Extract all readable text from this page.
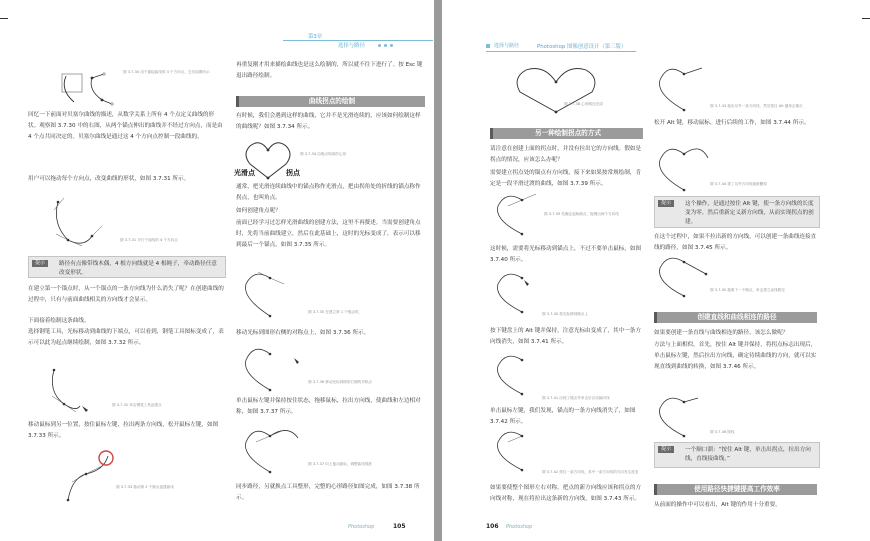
第3章
选择与路径

图 3.7.30 用于描绘曲线的 4 个方向点，它们如图所示

回忆一下前面对贝塞尔曲线的描述，从数学关系上所有 4 个点定义曲线的形状。观察图 3.7.30 中的右图，从两个锚点伸出的曲线并不经过方向点，而是由 4 个点共同决定的。贝塞尔曲线是通过这 4 个方向点控制一段曲线的。

用户可以拖动每个方向点，改变曲线的形状，如图 3.7.31 所示。

图 3.7.31 平行于曲线的 4 个方向点

提示	路径有点像带线木偶，4 根方向线就是 4 根绳子，牵动路径任意改变形状。

在建立第一个锚点时，从一个锚点的一条方向线为什么消失了呢？在创建曲线的过程中，只有与前面曲线相关的方向线才会显示。

下面接着绘制这条曲线。

选择钢笔工具，光标移动到曲线的下端点，可以看到，钢笔工具图标变成了，表示可以此为起点继续绘制，如图 3.7.32 所示。

图 3.7.32 单击钢笔工具创建点

移动鼠标到另一位置，按住鼠标左键，拉出两条方向线，松开鼠标左键，如图 3.7.33 所示。

图 3.7.33 拖动第 2 个锚点创建曲线

再重复刚才用来描绘曲线也是这么绘制的，所以就不往下进行了。按 Esc 键退出路径绘制。

曲线拐点的绘制

有时候，我们会遇到这样的曲线，它并不是光滑连续的，应该如何绘制这样的曲线呢？如图 3.7.34 所示。

光滑点	拐点

图 3.7.34 由锚点构成的心形

通常，把光滑连续曲线中的锚点称作光滑点，把由拐角处的折线的锚点称作拐点，也叫角点。

如何创建角点呢？

前面已经学习过怎样光滑曲线的创建方法，这里不再赘述。当需要创建角点时，先将当前曲线建立，然后在此基础上，这时的光标变成了，表示可以移到最后一个锚点，如图 3.7.35 所示。

图 3.7.35 在建立第 1 个锚点时，

移动光标到图形右侧的对称点上，如图 3.7.36 所示。

图 3.7.36 移动光标到图形右侧的对称点

单击鼠标左键并保持按住状态，拖移鼠标，拉出方向线，使曲线和左边相对称，如图 3.7.37 所示。

图 3.7.37 向上拖动鼠标，调整曲线弧度

同步路径，另就换点工具整形，完整的心形路径如图完成，如图 3.7.38 所示。

Photoshop	105
选择与路径	Photoshop 图像创意设计（第三版）

图 3.7.38 心形路径完成

另一种绘制拐点的方式

请注意在创建上面的拐点时，并没有拉出它的方向线。假如是拐点的情况，应该怎么办呢？

需要建立拐点处的锚点有方向线，接下来如果按常规绘制，肯定是一段平滑过渡的曲线，如图 3.7.39 所示。

图 3.7.39 先确定起始锚点，拖拽出两个方向线

这时候，需要将光标移动到锚点上，不过不要单击鼠标，如图 3.7.40 所示。

图 3.7.40 将光标移到锚点上

按下键盘上的 Alt 键并保持，注意光标由变成了，其中一条方向线消失，如图 3.7.41 所示。

图 3.7.41 出现了锚点并单击后自动换向线

单击鼠标左键，我们发现，锚点的一条方向线消失了，如图 3.7.42 所示。

图 3.7.42 按住一条方向线，其中一条方向线的方向发生改变

如果要使整个图形左右对称，把点的新方向线应该和拐点的方向线对称，现在将拉出这条新的方向线，如图 3.7.43 所示。

图 3.7.43 拖出另外一条方向线，然后按住 Alt 键单击锚点

松开 Alt 键，移动鼠标，进行后续的工作，如图 3.7.44 所示。

图 3.7.44 建了另外方向线就被删掉

提示	这个操作，是通过按住 Alt 键，使一条方向线的长度变为零。然后重新定义新方向线，从而实现拐点的创建。

在这个过程中，如果不拉出新的方向线，可以创建一条曲线连接直线的路径，如图 3.7.45 所示。

图 3.7.45 拖第下一个锚点，单击建立直线路径

创建直线和曲线相连的路径

如果要创建一条直线与曲线相连的路径，该怎么做呢？

方法与上面相似，首先，按住 Alt 键并保持，将拐点标志出现后，单击鼠标左键，然后拉出方向线，确定待续曲线的方向，就可以实现直线到曲线的转换，如图 3.7.46 所示。

图 3.7.46 图线

提示	一个顺口溜：“按住 Alt 键，单击出拐点，拉出方向线，直线接曲线。”
使用路径快捷键提高工作效率

从前面的操作中可以看出，Alt 键的作用十分重要。

106 Photoshop
